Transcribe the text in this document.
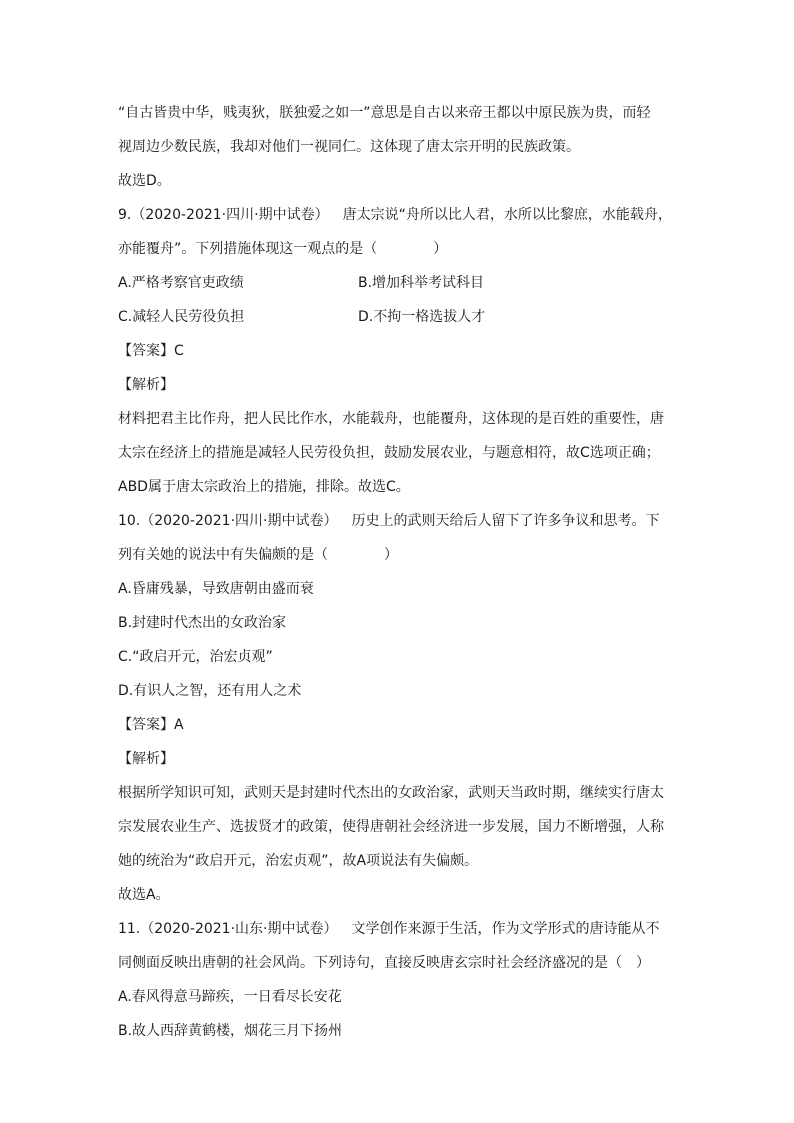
“自古皆贵中华，贱夷狄，朕独爱之如一”意思是自古以来帝王都以中原民族为贵，而轻
视周边少数民族，我却对他们一视同仁。这体现了唐太宗开明的民族政策。
故选D。
9.（2020-2021·四川·期中试卷） 唐太宗说“舟所以比人君，水所以比黎庶，水能载舟，
亦能覆舟”。下列措施体现这一观点的是（　　　　）
A.严格考察官吏政绩	B.增加科举考试科目
C.减轻人民劳役负担	D.不拘一格选拔人才
【答案】C
【解析】
材料把君主比作舟，把人民比作水，水能载舟，也能覆舟，这体现的是百姓的重要性，唐
太宗在经济上的措施是减轻人民劳役负担，鼓励发展农业，与题意相符，故C选项正确；
ABD属于唐太宗政治上的措施，排除。故选C。
10.（2020-2021·四川·期中试卷） 历史上的武则天给后人留下了许多争议和思考。下
列有关她的说法中有失偏颇的是（　　　　）
A.昏庸残暴，导致唐朝由盛而衰
B.封建时代杰出的女政治家
C.“政启开元，治宏贞观”
D.有识人之智，还有用人之术
【答案】A
【解析】
根据所学知识可知，武则天是封建时代杰出的女政治家，武则天当政时期，继续实行唐太
宗发展农业生产、选拔贤才的政策，使得唐朝社会经济进一步发展，国力不断增强，人称
她的统治为“政启开元，治宏贞观”，故A项说法有失偏颇。
故选A。
11.（2020-2021·山东·期中试卷） 文学创作来源于生活，作为文学形式的唐诗能从不
同侧面反映出唐朝的社会风尚。下列诗句，直接反映唐玄宗时社会经济盛况的是（　）
A.春风得意马蹄疾，一日看尽长安花
B.故人西辞黄鹤楼，烟花三月下扬州
